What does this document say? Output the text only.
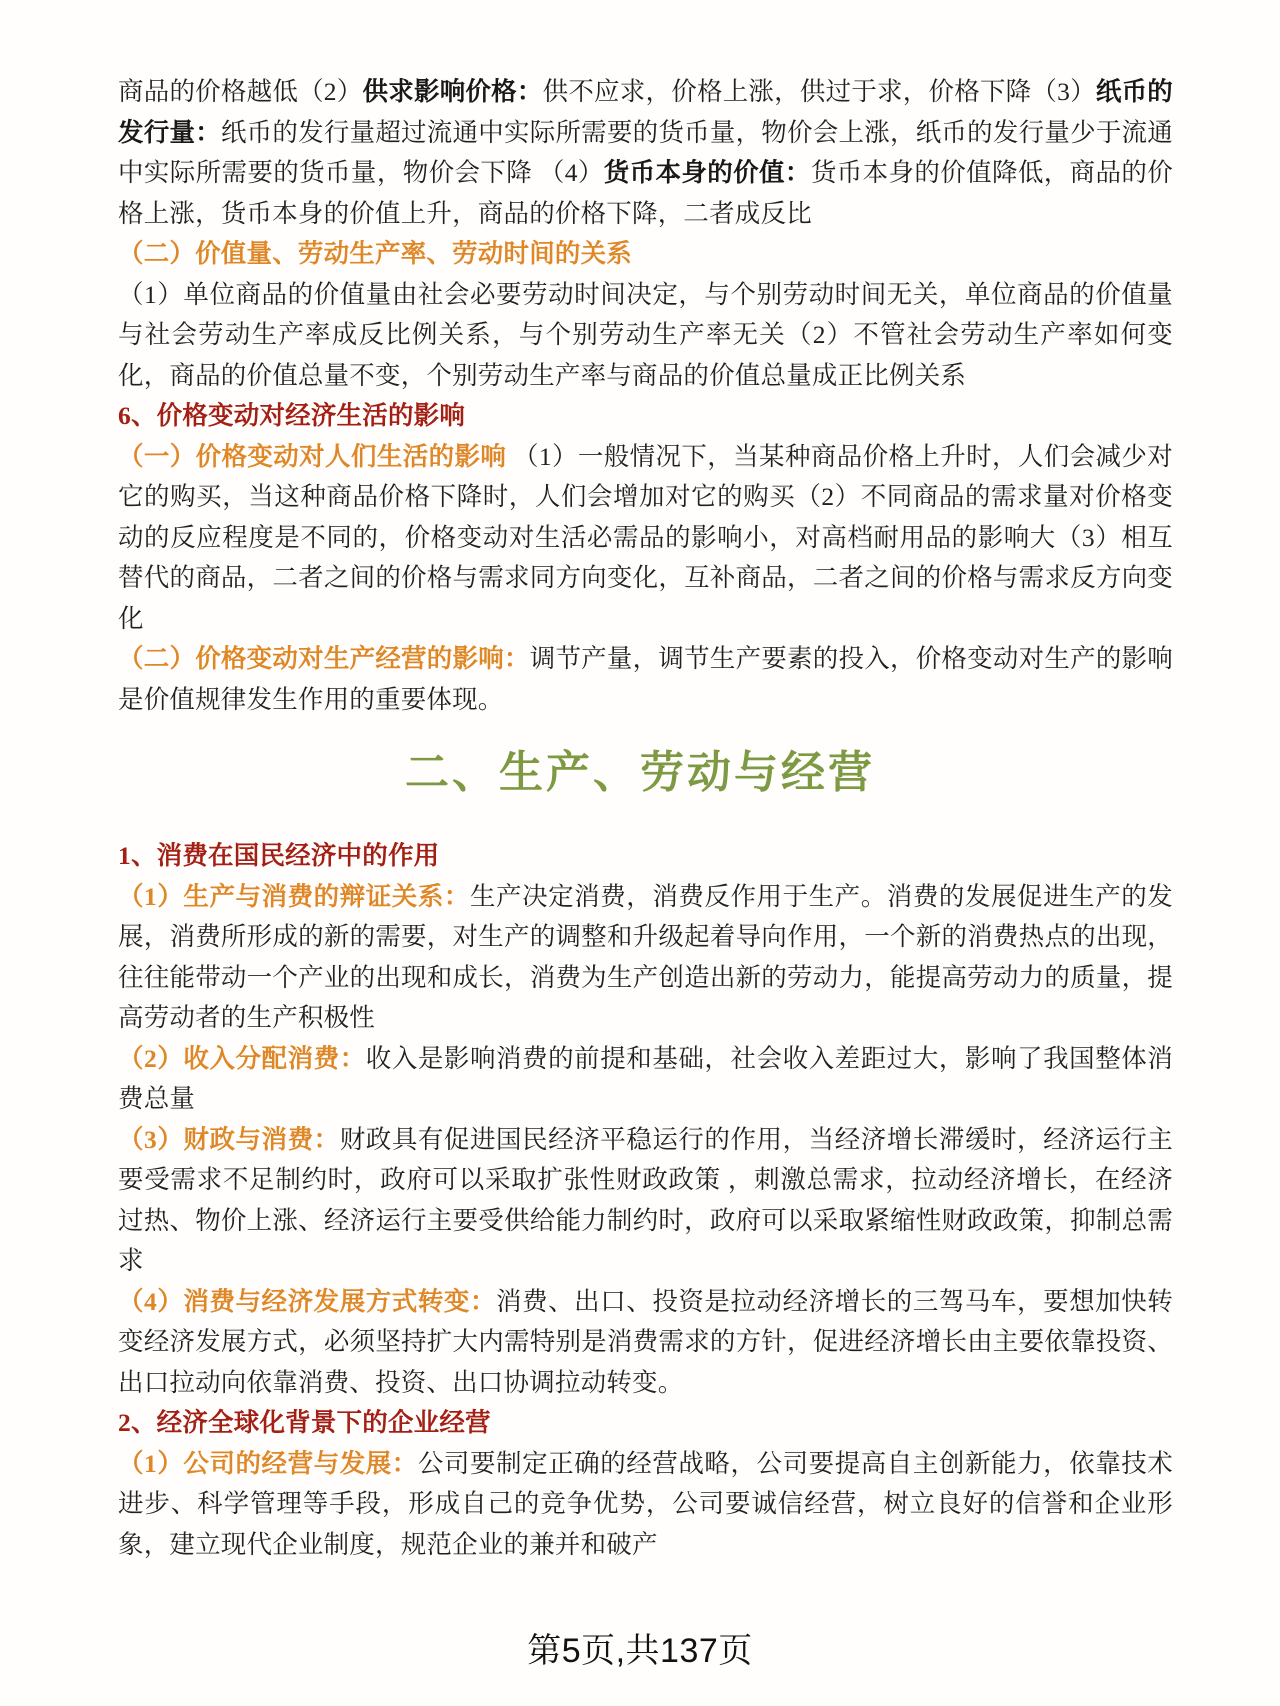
商品的价格越低（2）供求影响价格：供不应求，价格上涨，供过于求，价格下降（3）纸币的发行量：纸币的发行量超过流通中实际所需要的货币量，物价会上涨，纸币的发行量少于流通中实际所需要的货币量，物价会下降 （4）货币本身的价值：货币本身的价值降低，商品的价格上涨，货币本身的价值上升，商品的价格下降，二者成反比

（二）价值量、劳动生产率、劳动时间的关系

（1）单位商品的价值量由社会必要劳动时间决定，与个别劳动时间无关，单位商品的价值量与社会劳动生产率成反比例关系，与个别劳动生产率无关（2）不管社会劳动生产率如何变化，商品的价值总量不变，个别劳动生产率与商品的价值总量成正比例关系

6、价格变动对经济生活的影响

（一）价格变动对人们生活的影响 （1）一般情况下，当某种商品价格上升时，人们会减少对它的购买，当这种商品价格下降时，人们会增加对它的购买（2）不同商品的需求量对价格变动的反应程度是不同的，价格变动对生活必需品的影响小，对高档耐用品的影响大（3）相互替代的商品，二者之间的价格与需求同方向变化，互补商品，二者之间的价格与需求反方向变化

（二）价格变动对生产经营的影响：调节产量，调节生产要素的投入，价格变动对生产的影响是价值规律发生作用的重要体现。

二、生产、劳动与经营

1、消费在国民经济中的作用

（1）生产与消费的辩证关系：生产决定消费，消费反作用于生产。消费的发展促进生产的发展，消费所形成的新的需要，对生产的调整和升级起着导向作用，一个新的消费热点的出现，往往能带动一个产业的出现和成长，消费为生产创造出新的劳动力，能提高劳动力的质量，提高劳动者的生产积极性

（2）收入分配消费：收入是影响消费的前提和基础，社会收入差距过大，影响了我国整体消费总量

（3）财政与消费：财政具有促进国民经济平稳运行的作用，当经济增长滞缓时，经济运行主要受需求不足制约时，政府可以采取扩张性财政政策 ，刺激总需求，拉动经济增长，在经济过热、物价上涨、经济运行主要受供给能力制约时，政府可以采取紧缩性财政政策，抑制总需求

（4）消费与经济发展方式转变：消费、出口、投资是拉动经济增长的三驾马车，要想加快转变经济发展方式，必须坚持扩大内需特别是消费需求的方针，促进经济增长由主要依靠投资、出口拉动向依靠消费、投资、出口协调拉动转变。

2、经济全球化背景下的企业经营

（1）公司的经营与发展：公司要制定正确的经营战略，公司要提高自主创新能力，依靠技术进步、科学管理等手段，形成自己的竞争优势，公司要诚信经营，树立良好的信誉和企业形象，建立现代企业制度，规范企业的兼并和破产

第5页,共137页
